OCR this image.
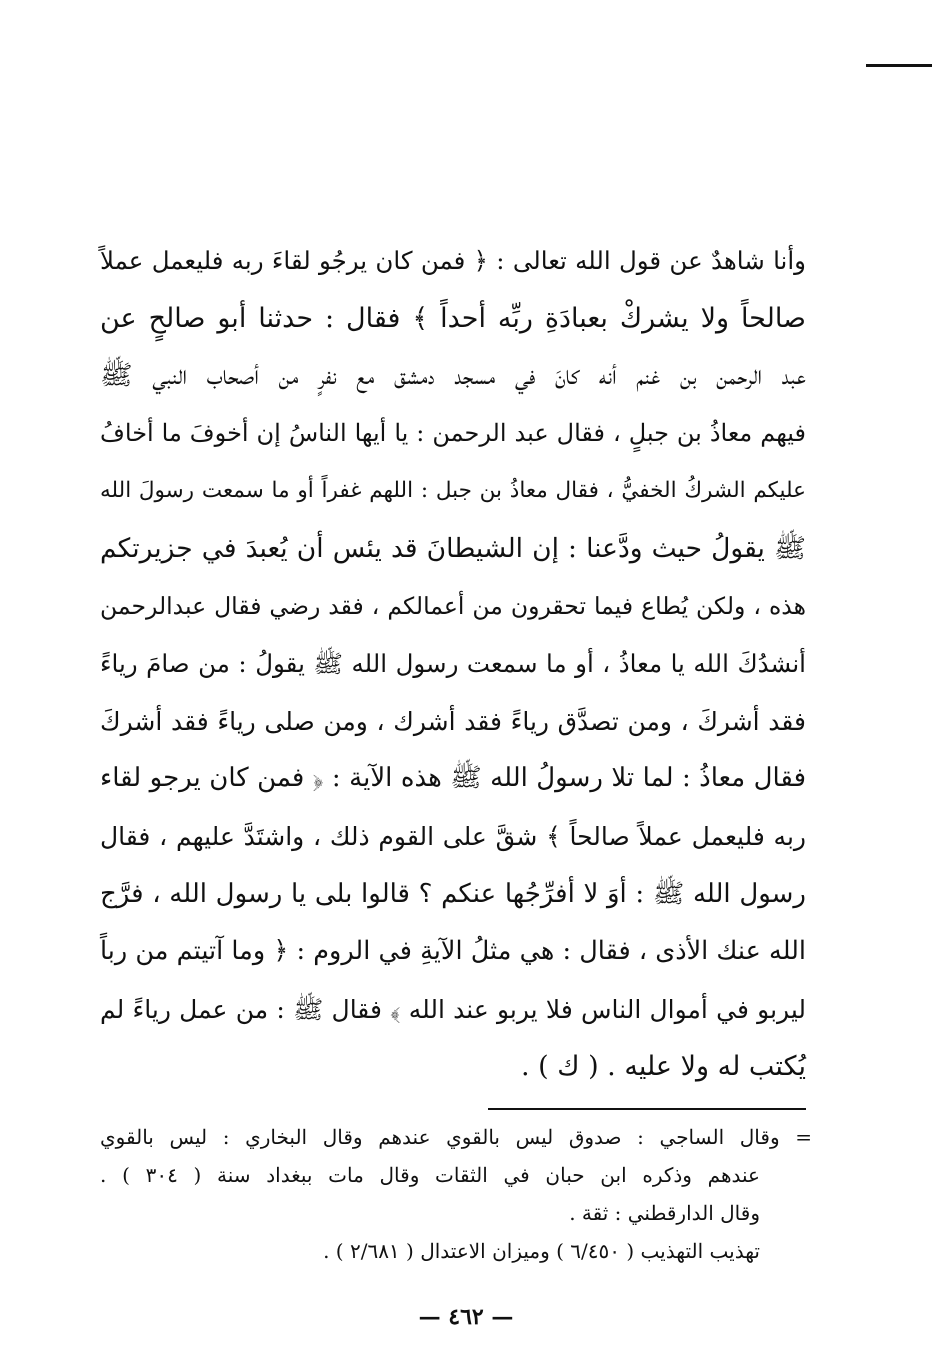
وأنا شاهدٌ عن قول الله تعالى : ﴿ فمن كان يرجُو لقاءَ ربه فليعمل عملاً
صالحاً ولا يشركْ بعبادَةِ ربِّه أحداً ﴾ فقال : حدثنا أبو صالحٍ عن
عبد الرحمن بن غنم أنه كانَ في مسجد دمشق مع نفرٍ من أصحاب النبي ﷺ
فيهم معاذُ بن جبلٍ ، فقال عبد الرحمن : يا أيها الناسُ إن أخوفَ ما أخافُ
عليكم الشركُ الخفيُّ ، فقال معاذُ بن جبل : اللهم غفراً أو ما سمعت رسولَ الله
ﷺ يقولُ حيث ودَّعنا : إن الشيطانَ قد يئس أن يُعبدَ في جزيرتكم
هذه ، ولكن يُطاع فيما تحقرون من أعمالكم ، فقد رضي فقال عبدالرحمن
أنشدُكَ الله يا معاذُ ، أو ما سمعت رسول الله ﷺ يقولُ : من صامَ رياءً
فقد أشركَ ، ومن تصدَّق رياءً فقد أشرك ، ومن صلى رياءً فقد أشركَ
فقال معاذُ : لما تلا رسولُ الله ﷺ هذه الآية : ﴿ فمن كان يرجو لقاء
ربه فليعمل عملاً صالحاً ﴾ شقَّ على القوم ذلك ، واشتَدَّ عليهم ، فقال
رسول الله ﷺ : أوَ لا أفرِّجُها عنكم ؟ قالوا بلى يا رسول الله ، فرَّج
الله عنك الأذى ، فقال : هي مثلُ الآيةِ في الروم : ﴿ وما آتيتم من رباً
ليربو في أموال الناس فلا يربو عند الله ﴾ فقال ﷺ : من عمل رياءً لم
يُكتب له ولا عليه . ( ك ) .
= وقال الساجي : صدوق ليس بالقوي عندهم وقال البخاري : ليس بالقوي
عندهم وذكره ابن حبان في الثقات وقال مات ببغداد سنة ( ٣٠٤ ) .
وقال الدارقطني : ثقة .
تهذيب التهذيب ( ٦/٤٥٠ ) وميزان الاعتدال ( ٢/٦٨١ ) .
— ٤٦٢ —
